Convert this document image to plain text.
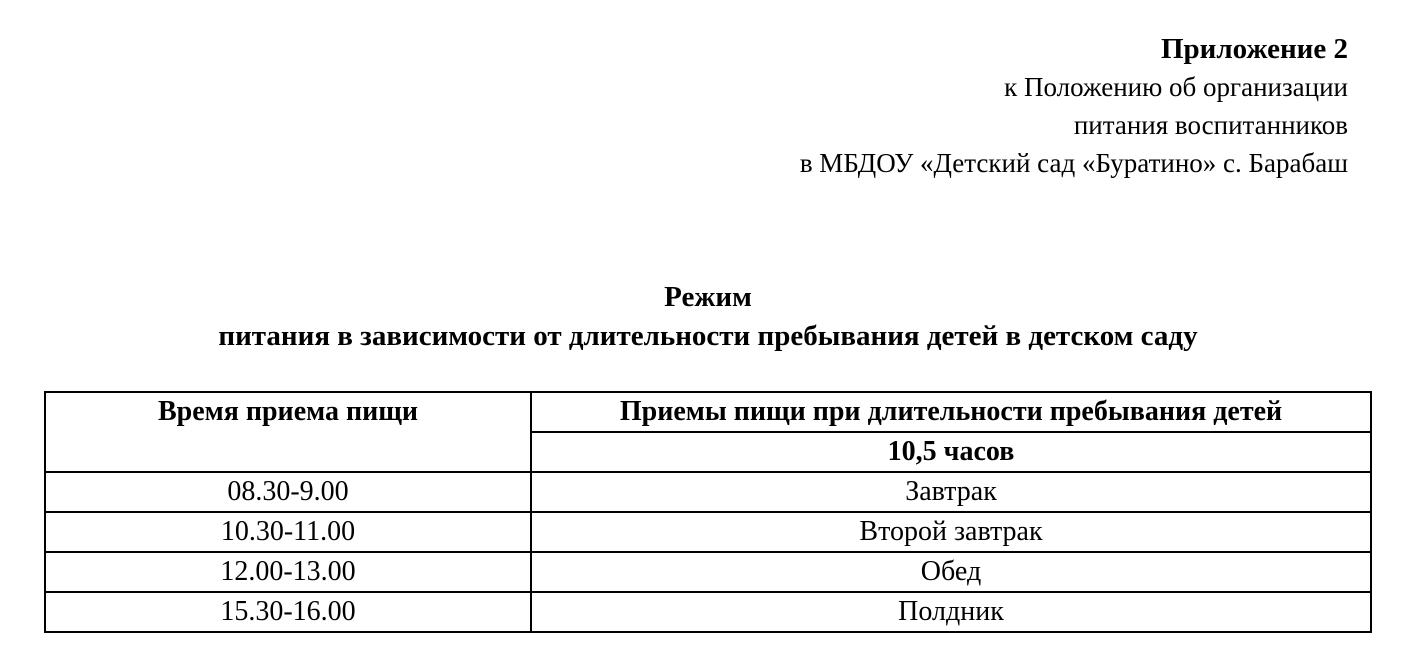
Приложение 2
к Положению об организации
питания воспитанников
в МБДОУ «Детский сад «Буратино» с. Барабаш
Режим
питания в зависимости от длительности пребывания детей в детском саду
Время приема пищи	Приемы пищи при длительности пребывания детей
	10,5 часов
08.30-9.00	Завтрак
10.30-11.00	Второй завтрак
12.00-13.00	Обед
15.30-16.00	Полдник
